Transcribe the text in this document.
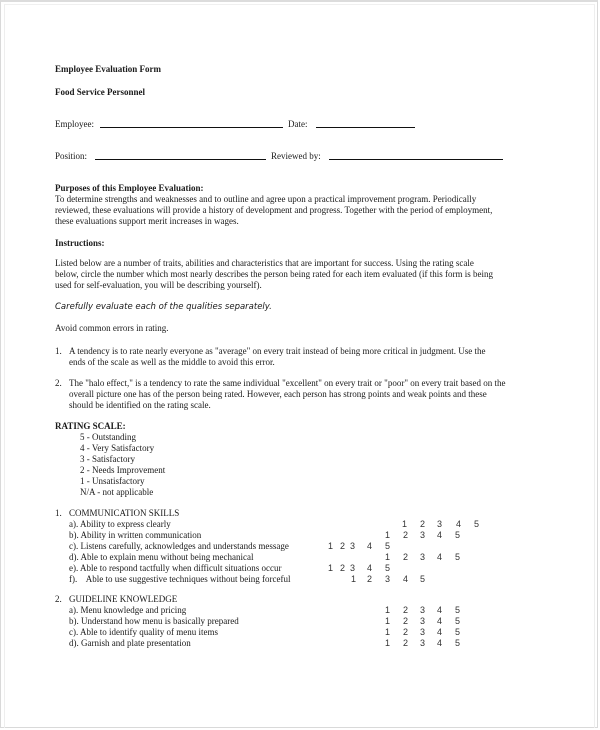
Employee Evaluation Form
Food Service Personnel
Employee:	Date:
Position:	Reviewed by:
Purposes of this Employee Evaluation:
To determine strengths and weaknesses and to outline and agree upon a practical improvement program. Periodically
reviewed, these evaluations will provide a history of development and progress. Together with the period of employment,
these evaluations support merit increases in wages.
Instructions:
Listed below are a number of traits, abilities and characteristics that are important for success. Using the rating scale
below, circle the number which most nearly describes the person being rated for each item evaluated (if this form is being
used for self-evaluation, you will be describing yourself).
Carefully evaluate each of the qualities separately.
Avoid common errors in rating.
1. A tendency is to rate nearly everyone as "average" on every trait instead of being more critical in judgment. Use the
ends of the scale as well as the middle to avoid this error.
2. The "halo effect," is a tendency to rate the same individual "excellent" on every trait or "poor" on every trait based on the
overall picture one has of the person being rated. However, each person has strong points and weak points and these
should be identified on the rating scale.
RATING SCALE:
5 - Outstanding
4 - Very Satisfactory
3 - Satisfactory
2 - Needs Improvement
1 - Unsatisfactory
N/A - not applicable
1. COMMUNICATION SKILLS
a). Ability to express clearly	1 2 3 4 5
b). Ability in written communication	1 2 3 4 5
c). Listens carefully, acknowledges and understands message	1 2 3 4 5
d). Able to explain menu without being mechanical	1 2 3 4 5
e). Able to respond tactfully when difficult situations occur	1 2 3 4 5
f).    Able to use suggestive techniques without being forceful	1 2 3 4 5
2. GUIDELINE KNOWLEDGE
a). Menu knowledge and pricing	1 2 3 4 5
b). Understand how menu is basically prepared	1 2 3 4 5
c). Able to identify quality of menu items	1 2 3 4 5
d). Garnish and plate presentation	1 2 3 4 5
